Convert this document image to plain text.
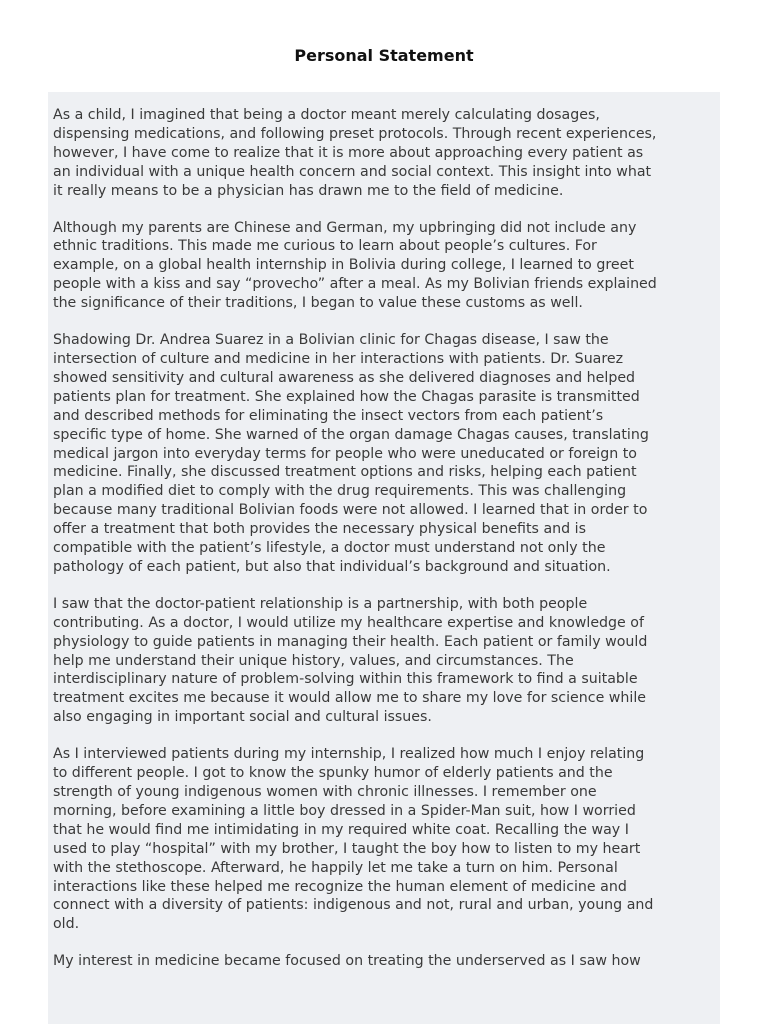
Personal Statement

As a child, I imagined that being a doctor meant merely calculating dosages,
dispensing medications, and following preset protocols. Through recent experiences,
however, I have come to realize that it is more about approaching every patient as
an individual with a unique health concern and social context. This insight into what
it really means to be a physician has drawn me to the field of medicine.

Although my parents are Chinese and German, my upbringing did not include any
ethnic traditions. This made me curious to learn about people’s cultures. For
example, on a global health internship in Bolivia during college, I learned to greet
people with a kiss and say “provecho” after a meal. As my Bolivian friends explained
the significance of their traditions, I began to value these customs as well.

Shadowing Dr. Andrea Suarez in a Bolivian clinic for Chagas disease, I saw the
intersection of culture and medicine in her interactions with patients. Dr. Suarez
showed sensitivity and cultural awareness as she delivered diagnoses and helped
patients plan for treatment. She explained how the Chagas parasite is transmitted
and described methods for eliminating the insect vectors from each patient’s
specific type of home. She warned of the organ damage Chagas causes, translating
medical jargon into everyday terms for people who were uneducated or foreign to
medicine. Finally, she discussed treatment options and risks, helping each patient
plan a modified diet to comply with the drug requirements. This was challenging
because many traditional Bolivian foods were not allowed. I learned that in order to
offer a treatment that both provides the necessary physical benefits and is
compatible with the patient’s lifestyle, a doctor must understand not only the
pathology of each patient, but also that individual’s background and situation.

I saw that the doctor-patient relationship is a partnership, with both people
contributing. As a doctor, I would utilize my healthcare expertise and knowledge of
physiology to guide patients in managing their health. Each patient or family would
help me understand their unique history, values, and circumstances. The
interdisciplinary nature of problem-solving within this framework to find a suitable
treatment excites me because it would allow me to share my love for science while
also engaging in important social and cultural issues.

As I interviewed patients during my internship, I realized how much I enjoy relating
to different people. I got to know the spunky humor of elderly patients and the
strength of young indigenous women with chronic illnesses. I remember one
morning, before examining a little boy dressed in a Spider-Man suit, how I worried
that he would find me intimidating in my required white coat. Recalling the way I
used to play “hospital” with my brother, I taught the boy how to listen to my heart
with the stethoscope. Afterward, he happily let me take a turn on him. Personal
interactions like these helped me recognize the human element of medicine and
connect with a diversity of patients: indigenous and not, rural and urban, young and
old.

My interest in medicine became focused on treating the underserved as I saw how
